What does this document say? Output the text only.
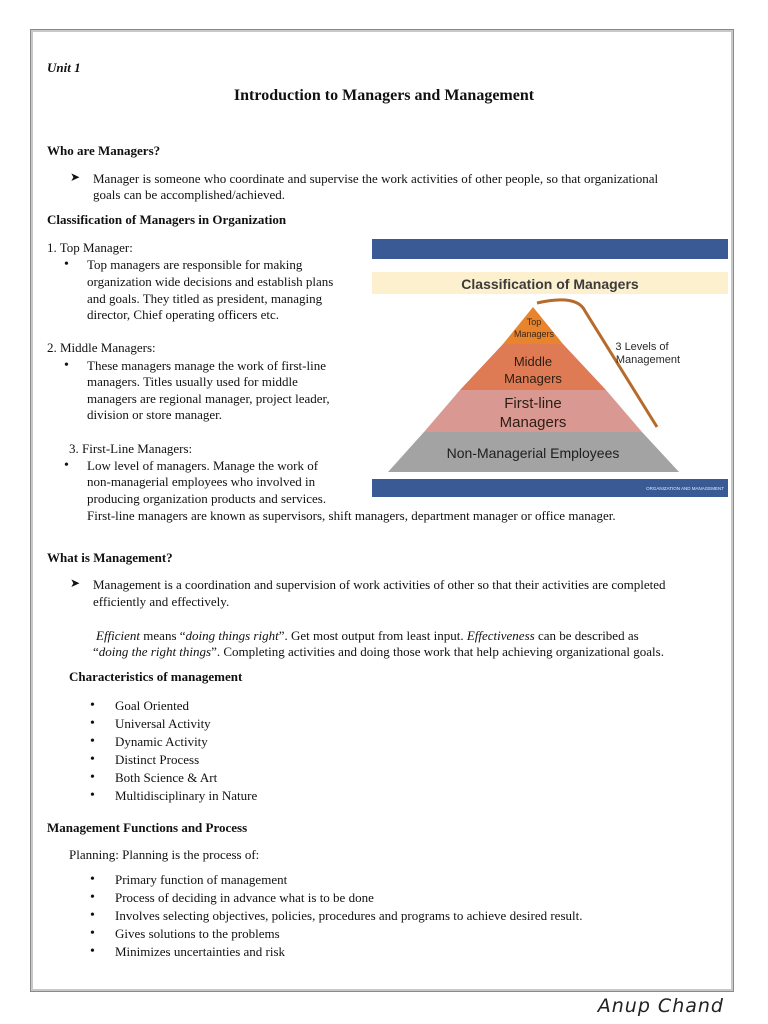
Unit 1
Introduction to Managers and Management
Who are Managers?
➤ Manager is someone who coordinate and supervise the work activities of other people, so that organizational
goals can be accomplished/achieved.
Classification of Managers in Organization
1. Top Manager:
• Top managers are responsible for making
organization wide decisions and establish plans
and goals. They titled as president, managing
director, Chief operating officers etc.
2. Middle Managers:
• These managers manage the work of first-line
managers. Titles usually used for middle
managers are regional manager, project leader,
division or store manager.
3. First-Line Managers:
• Low level of managers. Manage the work of
non-managerial employees who involved in
producing organization products and services.
First-line managers are known as supervisors, shift managers, department manager or office manager.
Classification of Managers
Top
Managers
Middle
Managers
First-line
Managers
Non-Managerial Employees
3 Levels of
Management
ORGANIZATION AND MANAGEMENT
What is Management?
➤ Management is a coordination and supervision of work activities of other so that their activities are completed
efficiently and effectively.
Efficient means “doing things right”. Get most output from least input. Effectiveness can be described as
“doing the right things”. Completing activities and doing those work that help achieving organizational goals.
Characteristics of management
• Goal Oriented
• Universal Activity
• Dynamic Activity
• Distinct Process
• Both Science & Art
• Multidisciplinary in Nature
Management Functions and Process
Planning: Planning is the process of:
• Primary function of management
• Process of deciding in advance what is to be done
• Involves selecting objectives, policies, procedures and programs to achieve desired result.
• Gives solutions to the problems
• Minimizes uncertainties and risk
Anup Chand
